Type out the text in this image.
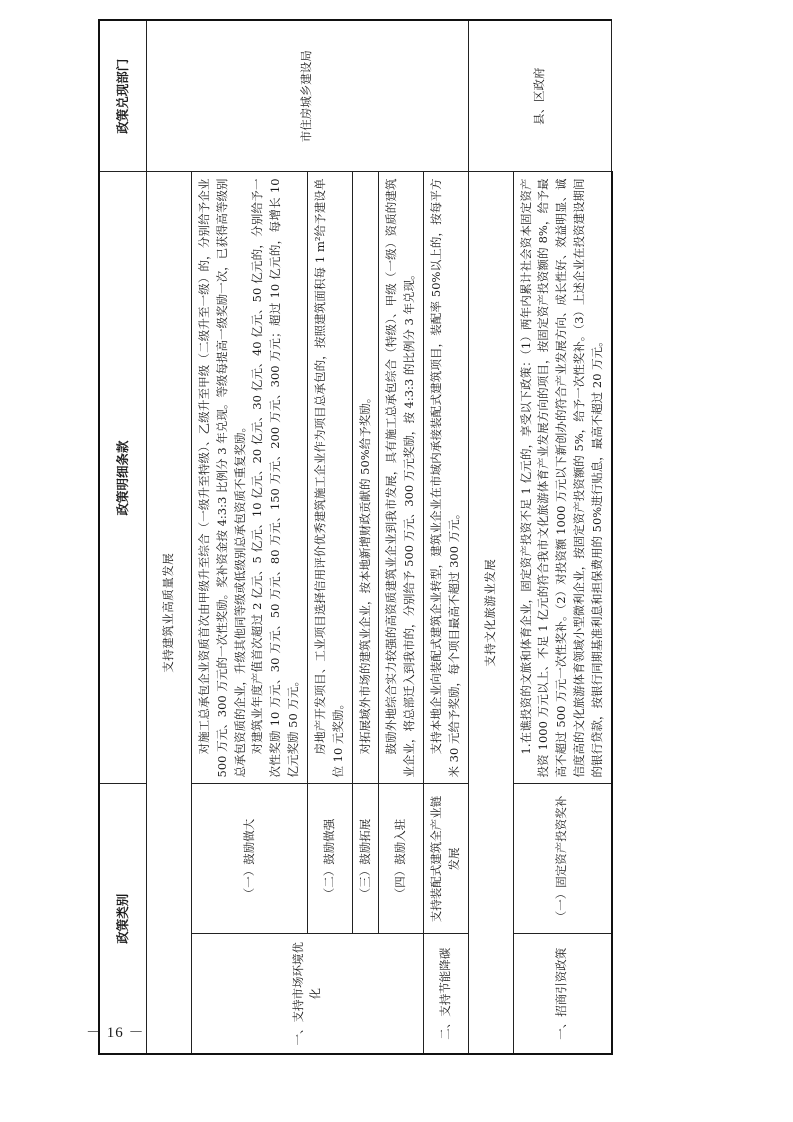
－ 16 －
政策类别		政策明细条款	政策兑现部门
支持建筑业高质量发展			市住房城乡建设局
一、支持市场环境优化	（一）鼓励做大	对施工总承包企业资质首次由甲级升至综合（一级升至特级）、乙级升至甲级（二级升至一级）的，分别给予企业 500 万元、300 万元的一次性奖励。奖补资金按 4:3:3 比例分 3 年兑现。等级每提高一级奖励一次，已获得高等级别总承包资质的企业，升级其他同等级或低级别总承包资质不重复奖励。 对建筑业年度产值首次超过 2 亿元、5 亿元、10 亿元、20 亿元、30 亿元、40 亿元、50 亿元的，分别给予一次性奖励 10 万元、30 万元、50 万元、80 万元、150 万元、200 万元、300 万元；超过 10 亿元的，每增长 10 亿元奖励 50 万元。	

	（二）鼓励做强	房地产开发项目、工业项目选择信用评价优秀建筑施工企业作为项目总承包的，按照建筑面积每 1 m²给予建设单位 10 元奖励。	

	（三）鼓励拓展	对拓展域外市场的建筑业企业，按本地新增财政贡献的 50%给予奖励。	

	（四）鼓励入驻	鼓励外地综合实力较强的高资质建筑业企业到我市发展，具有施工总承包综合（特级）、甲级（一级）资质的建筑业企业，将总部迁入到我市的，分别给予 500 万元、300 万元奖励，按 4:3:3 的比例分 3 年兑现。	

二、支持节能降碳	支持装配式建筑全产业链发展	支持本地企业向装配式建筑企业转型，建筑业企业在市域内承接装配式建筑项目，装配率 50%以上的，按每平方米 30 元给予奖励，每个项目最高不超过 300 万元。	

支持文化旅游业发展			县、区政府
一、招商引资政策	（一）固定资产投资奖补	1.在谯投资的文旅和体育企业，固定资产投资不足 1 亿元的，享受以下政策：（1）两年内累计社会资本固定资产投资 1000 万元以上、不足 1 亿元的符合我市文化旅游体育产业发展方向的项目，按固定资产投资额的 8%，给予最高不超过 500 万元一次性奖补。（2）对投资额 1000 万元以下新创办的符合产业发展方向、成长性好、效益明显、诚信度高的文化旅游体育领域小型微利企业，按固定资产投资额的 5%，给予一次性奖补。（3）上述企业在投资建设期间的银行贷款，按银行同期基准利息和担保费用的 50%进行贴息，最高不超过 20 万元。	
